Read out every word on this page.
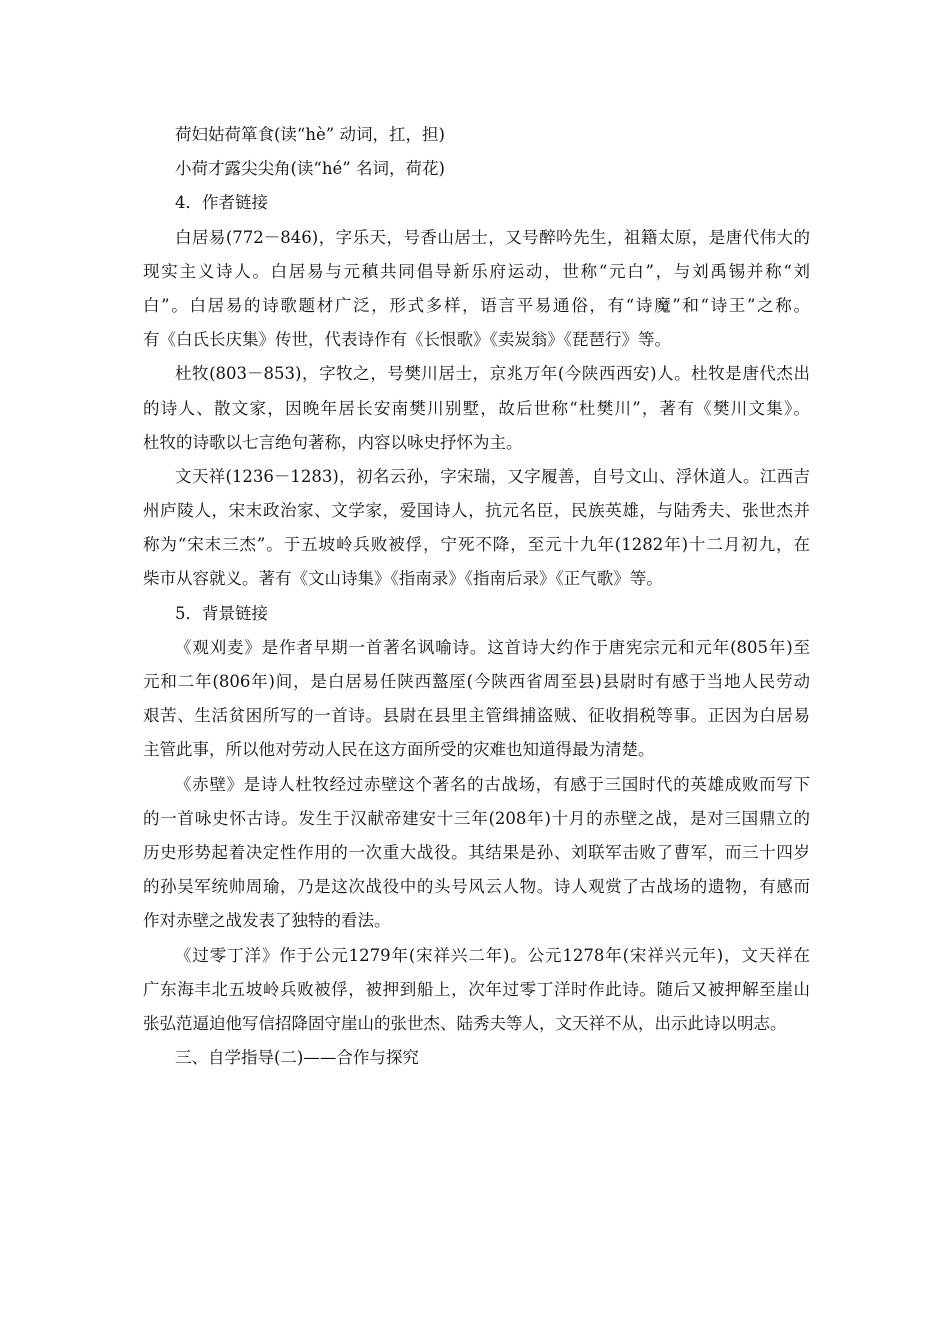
荷妇姑荷箪食(读“hè” 动词，扛，担)

小荷才露尖尖角(读“hé” 名词，荷花)

4．作者链接

白居易(772－846)，字乐天，号香山居士，又号醉吟先生，祖籍太原，是唐代伟大的

现实主义诗人。白居易与元稹共同倡导新乐府运动，世称“元白”，与刘禹锡并称“刘

白”。白居易的诗歌题材广泛，形式多样，语言平易通俗，有“诗魔”和“诗王”之称。

有《白氏长庆集》传世，代表诗作有《长恨歌》《卖炭翁》《琵琶行》等。

杜牧(803－853)，字牧之，号樊川居士，京兆万年(今陕西西安)人。杜牧是唐代杰出

的诗人、散文家，因晚年居长安南樊川别墅，故后世称“杜樊川”，著有《樊川文集》。

杜牧的诗歌以七言绝句著称，内容以咏史抒怀为主。

文天祥(1236－1283)，初名云孙，字宋瑞，又字履善，自号文山、浮休道人。江西吉

州庐陵人，宋末政治家、文学家，爱国诗人，抗元名臣，民族英雄，与陆秀夫、张世杰并

称为“宋末三杰”。于五坡岭兵败被俘，宁死不降，至元十九年(1282年)十二月初九，在

柴市从容就义。著有《文山诗集》《指南录》《指南后录》《正气歌》等。

5．背景链接

《观刈麦》是作者早期一首著名讽喻诗。这首诗大约作于唐宪宗元和元年(805年)至

元和二年(806年)间，是白居易任陕西盩厔(今陕西省周至县)县尉时有感于当地人民劳动

艰苦、生活贫困所写的一首诗。县尉在县里主管缉捕盗贼、征收捐税等事。正因为白居易

主管此事，所以他对劳动人民在这方面所受的灾难也知道得最为清楚。

《赤壁》是诗人杜牧经过赤壁这个著名的古战场，有感于三国时代的英雄成败而写下

的一首咏史怀古诗。发生于汉献帝建安十三年(208年)十月的赤壁之战，是对三国鼎立的

历史形势起着决定性作用的一次重大战役。其结果是孙、刘联军击败了曹军，而三十四岁

的孙吴军统帅周瑜，乃是这次战役中的头号风云人物。诗人观赏了古战场的遗物，有感而

作对赤壁之战发表了独特的看法。

《过零丁洋》作于公元1279年(宋祥兴二年)。公元1278年(宋祥兴元年)，文天祥在

广东海丰北五坡岭兵败被俘，被押到船上，次年过零丁洋时作此诗。随后又被押解至崖山

张弘范逼迫他写信招降固守崖山的张世杰、陆秀夫等人，文天祥不从，出示此诗以明志。

三、自学指导(二)——合作与探究
